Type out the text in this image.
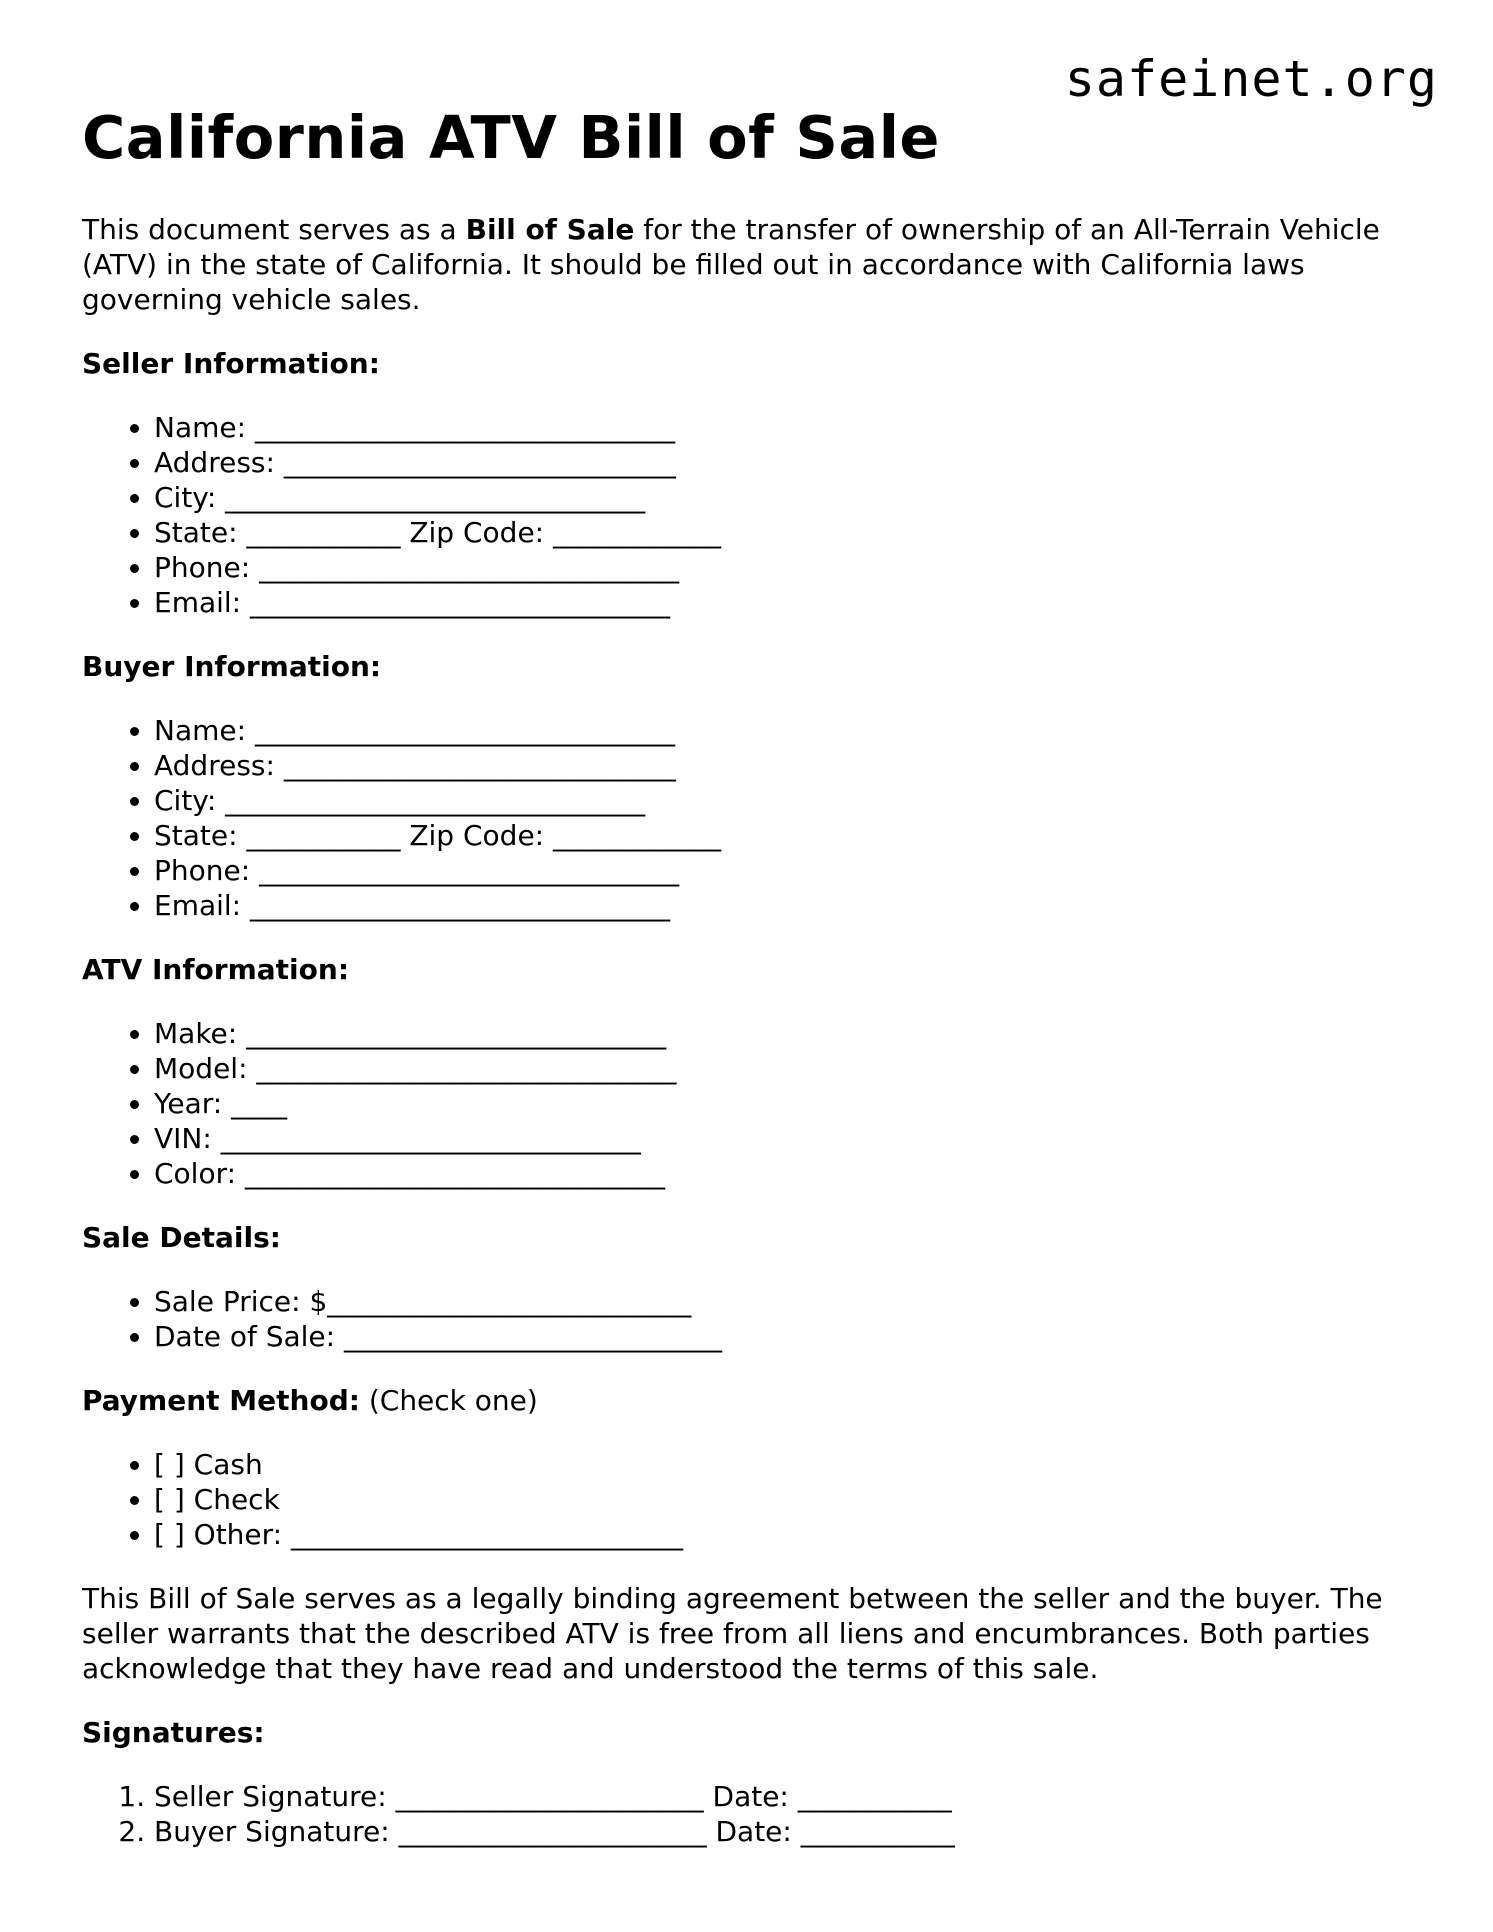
safeinet.org
California ATV Bill of Sale

This document serves as a Bill of Sale for the transfer of ownership of an All-Terrain Vehicle (ATV) in the state of California. It should be filled out in accordance with California laws governing vehicle sales.

Seller Information:

• Name: ______________________________
• Address: ____________________________
• City: ______________________________
• State: ___________ Zip Code: ____________
• Phone: ______________________________
• Email: ______________________________

Buyer Information:

• Name: ______________________________
• Address: ____________________________
• City: ______________________________
• State: ___________ Zip Code: ____________
• Phone: ______________________________
• Email: ______________________________

ATV Information:

• Make: ______________________________
• Model: ______________________________
• Year: ____
• VIN: ______________________________
• Color: ______________________________

Sale Details:

• Sale Price: $__________________________
• Date of Sale: ___________________________

Payment Method: (Check one)

• [ ] Cash
• [ ] Check
• [ ] Other: ____________________________

This Bill of Sale serves as a legally binding agreement between the seller and the buyer. The seller warrants that the described ATV is free from all liens and encumbrances. Both parties acknowledge that they have read and understood the terms of this sale.

Signatures:

1. Seller Signature: ______________________ Date: ___________
2. Buyer Signature: ______________________ Date: ___________
